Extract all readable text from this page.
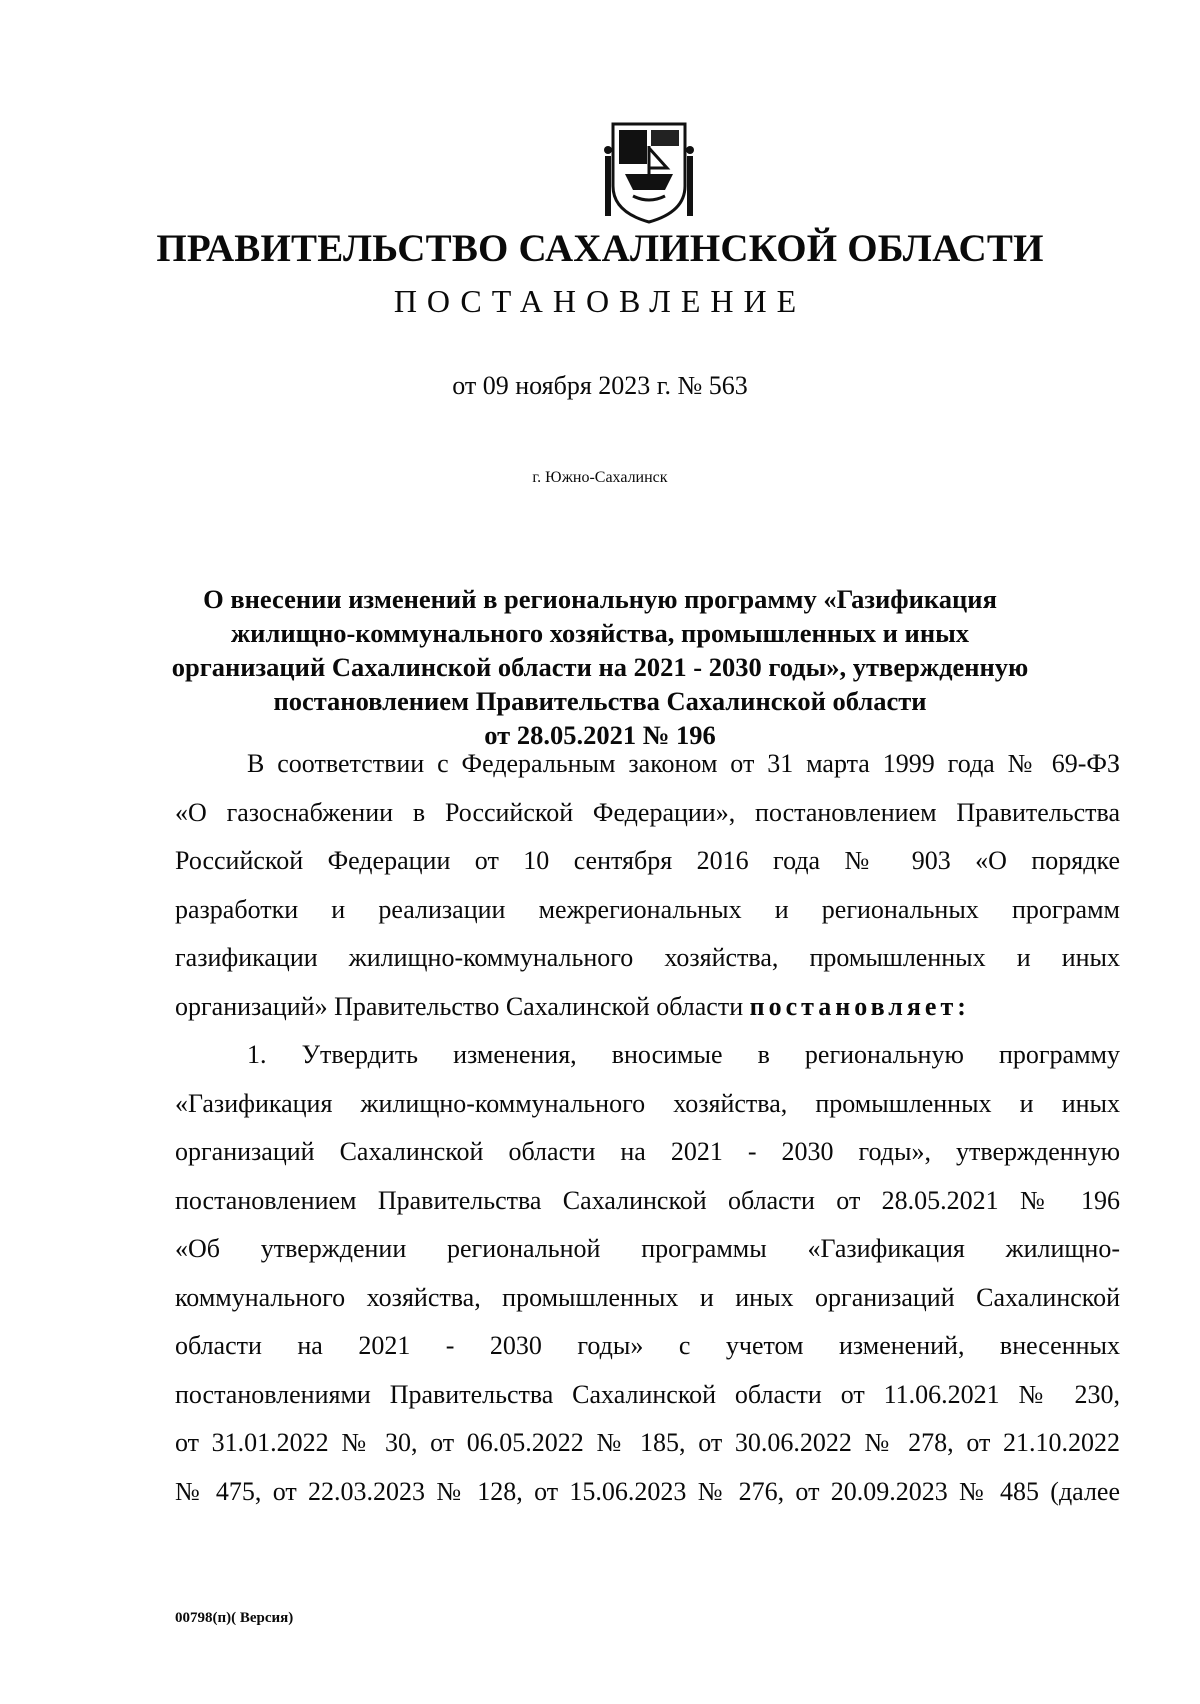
ПРАВИТЕЛЬСТВО САХАЛИНСКОЙ ОБЛАСТИ
ПОСТАНОВЛЕНИЕ
от 09 ноября 2023 г. № 563
г. Южно-Сахалинск
О внесении изменений в региональную программу «Газификация
жилищно-коммунального хозяйства, промышленных и иных
организаций Сахалинской области на 2021 - 2030 годы», утвержденную
постановлением Правительства Сахалинской области
от 28.05.2021 № 196
В соответствии с Федеральным законом от 31 марта 1999 года № 69-ФЗ
«О газоснабжении в Российской Федерации», постановлением Правительства
Российской Федерации от 10 сентября 2016 года № 903 «О порядке
разработки и реализации межрегиональных и региональных программ
газификации жилищно-коммунального хозяйства, промышленных и иных
организаций» Правительство Сахалинской области постановляет:
1. Утвердить изменения, вносимые в региональную программу
«Газификация жилищно-коммунального хозяйства, промышленных и иных
организаций Сахалинской области на 2021 - 2030 годы», утвержденную
постановлением Правительства Сахалинской области от 28.05.2021 № 196
«Об утверждении региональной программы «Газификация жилищно-
коммунального хозяйства, промышленных и иных организаций Сахалинской
области на 2021 - 2030 годы» с учетом изменений, внесенных
постановлениями Правительства Сахалинской области от 11.06.2021 № 230,
от 31.01.2022 № 30, от 06.05.2022 № 185, от 30.06.2022 № 278, от 21.10.2022
№ 475, от 22.03.2023 № 128, от 15.06.2023 № 276, от 20.09.2023 № 485 (далее
00798(п)( Версия)
